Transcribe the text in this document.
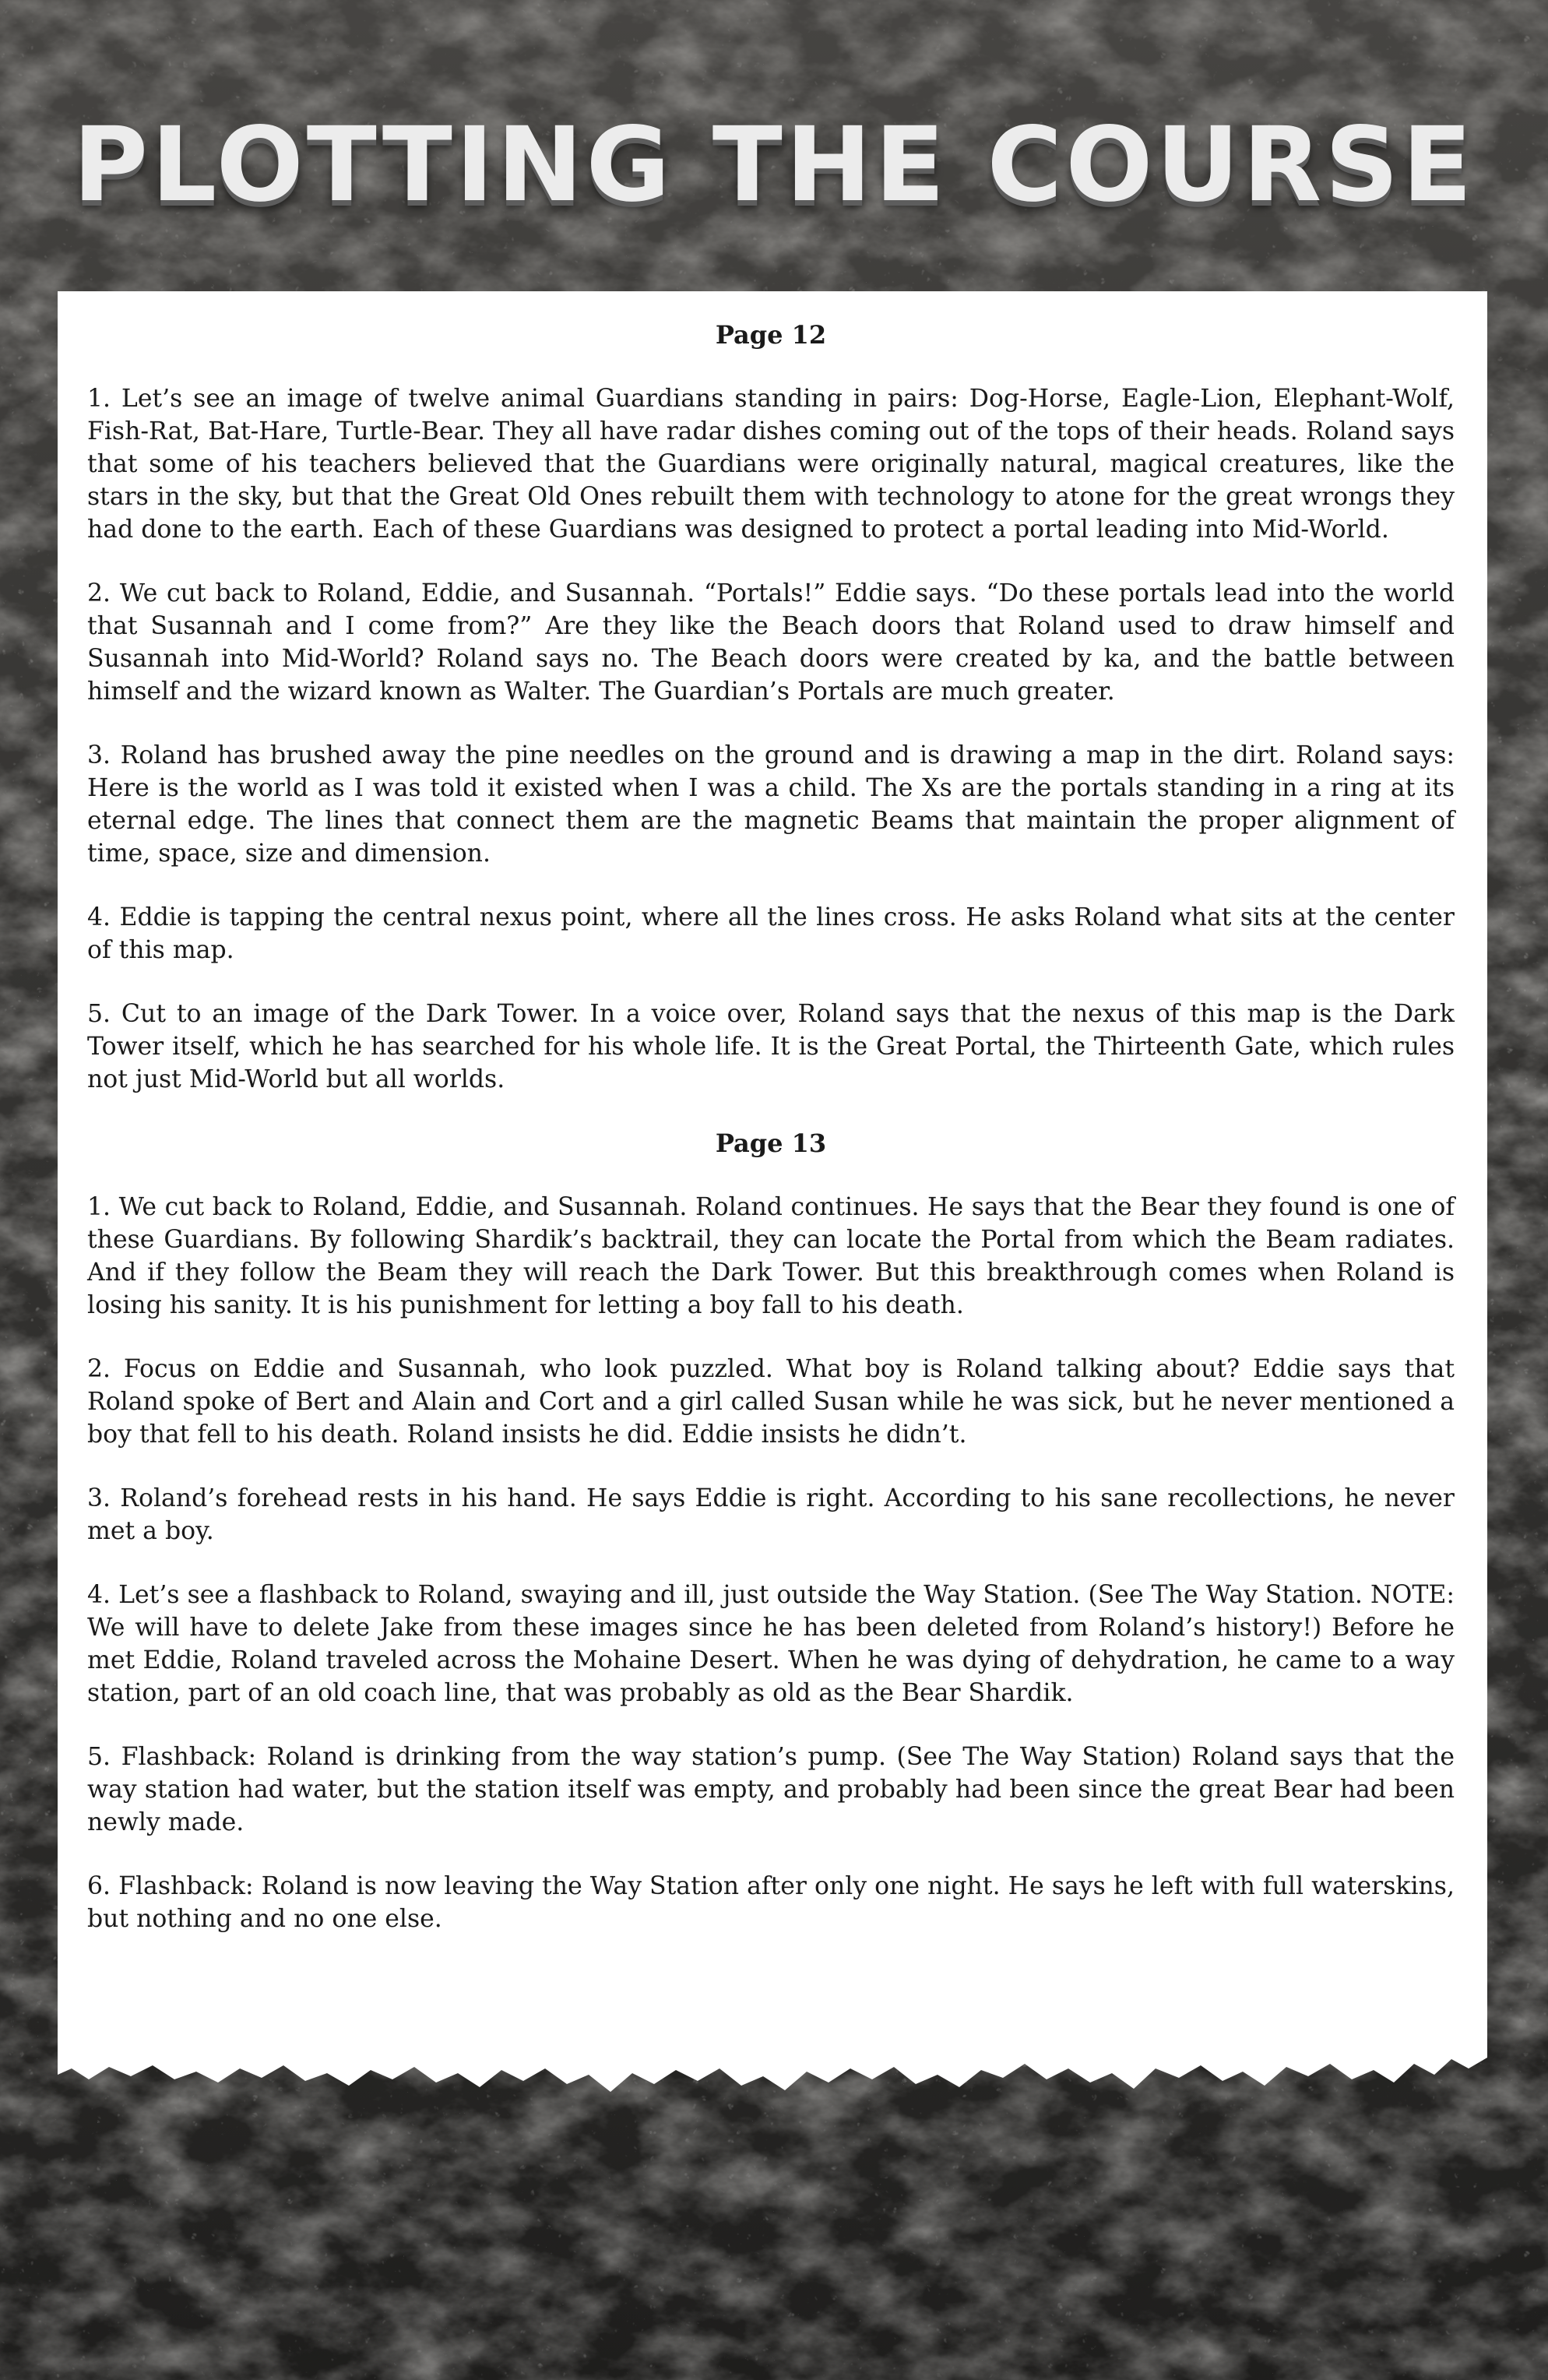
PLOTTING THE COURSE
Page 12

1. Let’s see an image of twelve animal Guardians standing in pairs: Dog-Horse, Eagle-Lion, Elephant-Wolf, Fish-Rat, Bat-Hare, Turtle-Bear. They all have radar dishes coming out of the tops of their heads. Roland says that some of his teachers believed that the Guardians were originally natural, magical creatures, like the stars in the sky, but that the Great Old Ones rebuilt them with technology to atone for the great wrongs they had done to the earth. Each of these Guardians was designed to protect a portal leading into Mid-World.

2. We cut back to Roland, Eddie, and Susannah. “Portals!” Eddie says. “Do these portals lead into the world that Susannah and I come from?” Are they like the Beach doors that Roland used to draw himself and Susannah into Mid-World? Roland says no. The Beach doors were created by ka, and the battle between himself and the wizard known as Walter. The Guardian’s Portals are much greater.

3. Roland has brushed away the pine needles on the ground and is drawing a map in the dirt. Roland says: Here is the world as I was told it existed when I was a child. The Xs are the portals standing in a ring at its eternal edge. The lines that connect them are the magnetic Beams that maintain the proper alignment of time, space, size and dimension.

4. Eddie is tapping the central nexus point, where all the lines cross. He asks Roland what sits at the center of this map.

5. Cut to an image of the Dark Tower. In a voice over, Roland says that the nexus of this map is the Dark Tower itself, which he has searched for his whole life. It is the Great Portal, the Thirteenth Gate, which rules not just Mid-World but all worlds.

Page 13

1. We cut back to Roland, Eddie, and Susannah. Roland continues. He says that the Bear they found is one of these Guardians. By following Shardik’s backtrail, they can locate the Portal from which the Beam radiates. And if they follow the Beam they will reach the Dark Tower. But this breakthrough comes when Roland is losing his sanity. It is his punishment for letting a boy fall to his death.

2. Focus on Eddie and Susannah, who look puzzled. What boy is Roland talking about? Eddie says that Roland spoke of Bert and Alain and Cort and a girl called Susan while he was sick, but he never mentioned a boy that fell to his death. Roland insists he did. Eddie insists he didn’t.

3. Roland’s forehead rests in his hand. He says Eddie is right. According to his sane recollections, he never met a boy.

4. Let’s see a flashback to Roland, swaying and ill, just outside the Way Station. (See The Way Station. NOTE: We will have to delete Jake from these images since he has been deleted from Roland’s history!) Before he met Eddie, Roland traveled across the Mohaine Desert. When he was dying of dehydration, he came to a way station, part of an old coach line, that was probably as old as the Bear Shardik.

5. Flashback: Roland is drinking from the way station’s pump. (See The Way Station) Roland says that the way station had water, but the station itself was empty, and probably had been since the great Bear had been newly made.

6. Flashback: Roland is now leaving the Way Station after only one night. He says he left with full waterskins, but nothing and no one else.
